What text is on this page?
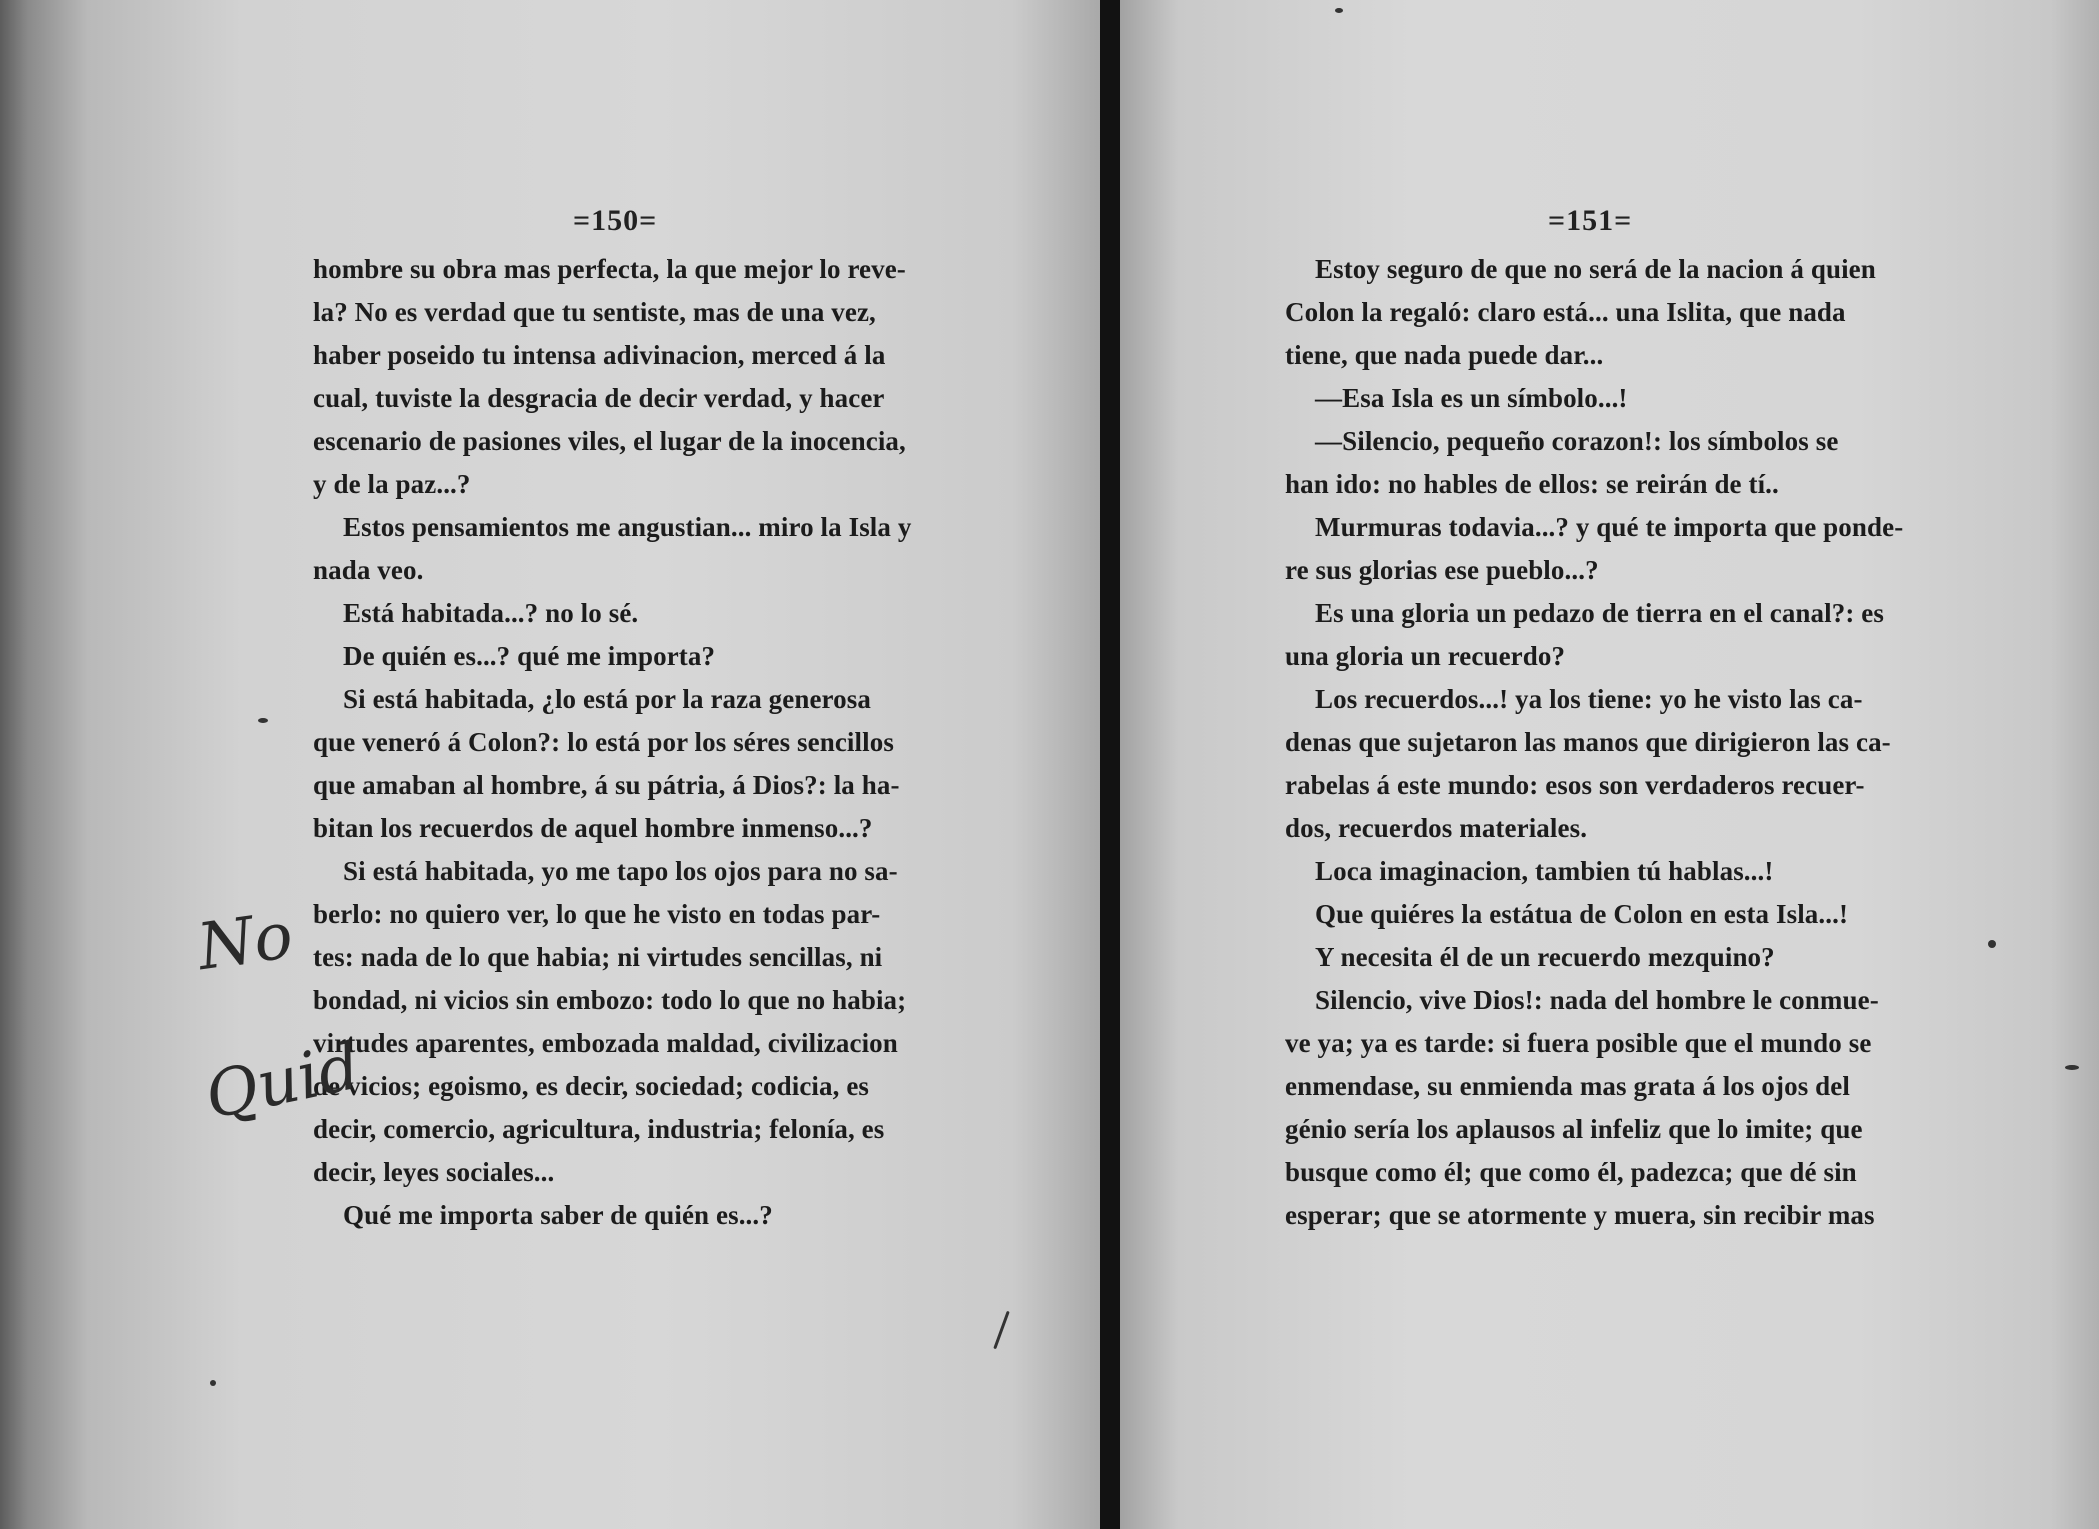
=150=
hombre su obra mas perfecta, la que mejor lo reve-
la? No es verdad que tu sentiste, mas de una vez,
haber poseido tu intensa adivinacion, merced á la
cual, tuviste la desgracia de decir verdad, y hacer
escenario de pasiones viles, el lugar de la inocencia,
y de la paz...?
Estos pensamientos me angustian... miro la Isla y
nada veo.
Está habitada...? no lo sé.
De quién es...? qué me importa?
Si está habitada, ¿lo está por la raza generosa
que veneró á Colon?: lo está por los séres sencillos
que amaban al hombre, á su pátria, á Dios?: la ha-
bitan los recuerdos de aquel hombre inmenso...?
Si está habitada, yo me tapo los ojos para no sa-
berlo: no quiero ver, lo que he visto en todas par-
tes: nada de lo que habia; ni virtudes sencillas, ni
bondad, ni vicios sin embozo: todo lo que no habia;
virtudes aparentes, embozada maldad, civilizacion
de vicios; egoismo, es decir, sociedad; codicia, es
decir, comercio, agricultura, industria; felonía, es
decir, leyes sociales...
Qué me importa saber de quién es...?
No
Quid
=151=
Estoy seguro de que no será de la nacion á quien
Colon la regaló: claro está... una Islita, que nada
tiene, que nada puede dar...
—Esa Isla es un símbolo...!
—Silencio, pequeño corazon!: los símbolos se
han ido: no hables de ellos: se reirán de tí..
Murmuras todavia...? y qué te importa que ponde-
re sus glorias ese pueblo...?
Es una gloria un pedazo de tierra en el canal?: es
una gloria un recuerdo?
Los recuerdos...! ya los tiene: yo he visto las ca-
denas que sujetaron las manos que dirigieron las ca-
rabelas á este mundo: esos son verdaderos recuer-
dos, recuerdos materiales.
Loca imaginacion, tambien tú hablas...!
Que quiéres la estátua de Colon en esta Isla...!
Y necesita él de un recuerdo mezquino?
Silencio, vive Dios!: nada del hombre le conmue-
ve ya; ya es tarde: si fuera posible que el mundo se
enmendase, su enmienda mas grata á los ojos del
génio sería los aplausos al infeliz que lo imite; que
busque como él; que como él, padezca; que dé sin
esperar; que se atormente y muera, sin recibir mas
